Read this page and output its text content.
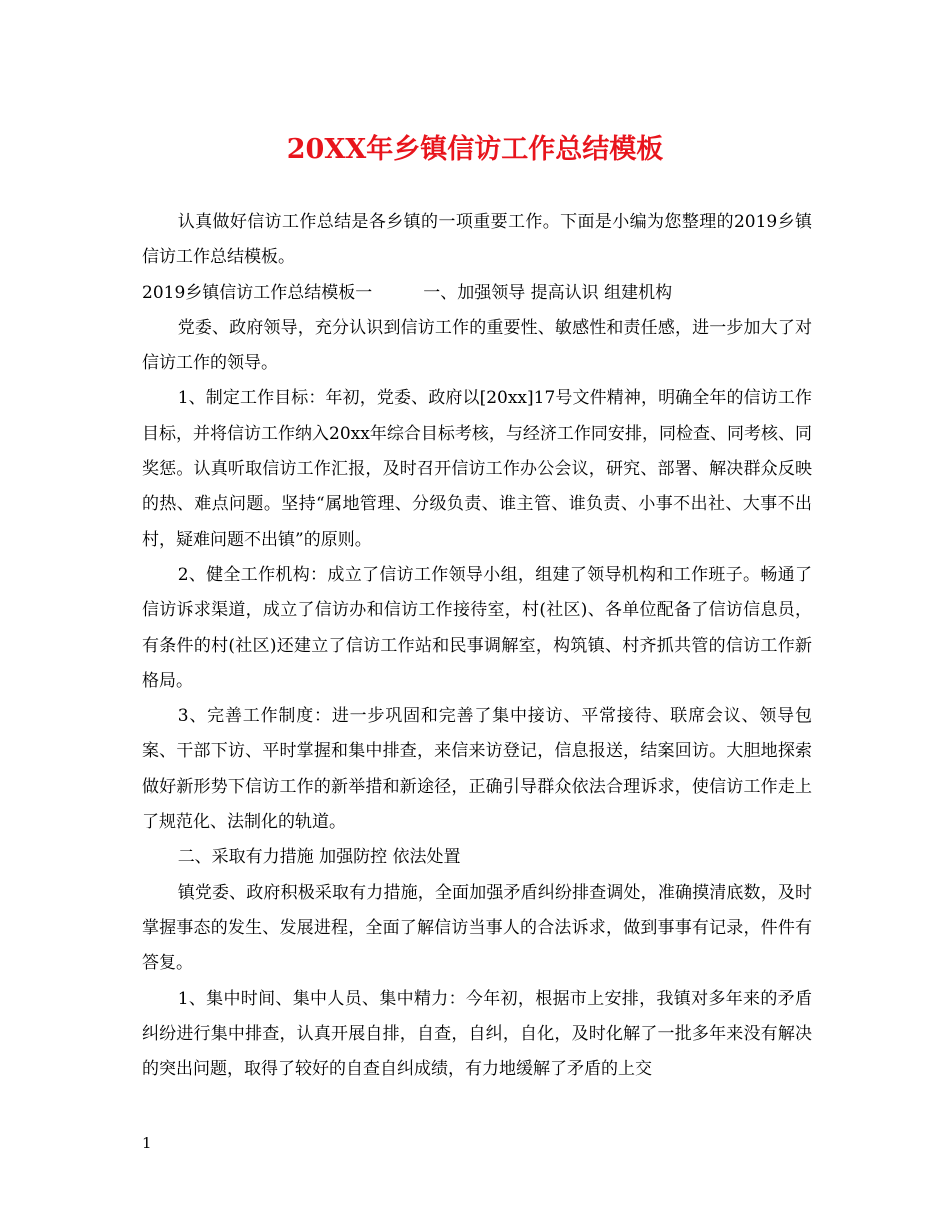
20XX年乡镇信访工作总结模板

认真做好信访工作总结是各乡镇的一项重要工作。下面是小编为您整理的2019乡镇信访工作总结模板。

2019乡镇信访工作总结模板一　　　一、加强领导 提高认识 组建机构

党委、政府领导，充分认识到信访工作的重要性、敏感性和责任感，进一步加大了对信访工作的领导。

1、制定工作目标：年初，党委、政府以[20xx]17号文件精神，明确全年的信访工作目标，并将信访工作纳入20xx年综合目标考核，与经济工作同安排，同检查、同考核、同奖惩。认真听取信访工作汇报，及时召开信访工作办公会议，研究、部署、解决群众反映的热、难点问题。坚持“属地管理、分级负责、谁主管、谁负责、小事不出社、大事不出村，疑难问题不出镇”的原则。

2、健全工作机构：成立了信访工作领导小组，组建了领导机构和工作班子。畅通了信访诉求渠道，成立了信访办和信访工作接待室，村(社区)、各单位配备了信访信息员，有条件的村(社区)还建立了信访工作站和民事调解室，构筑镇、村齐抓共管的信访工作新格局。

3、完善工作制度：进一步巩固和完善了集中接访、平常接待、联席会议、领导包案、干部下访、平时掌握和集中排查，来信来访登记，信息报送，结案回访。大胆地探索做好新形势下信访工作的新举措和新途径，正确引导群众依法合理诉求，使信访工作走上了规范化、法制化的轨道。

二、采取有力措施 加强防控 依法处置

镇党委、政府积极采取有力措施，全面加强矛盾纠纷排查调处，准确摸清底数，及时掌握事态的发生、发展进程，全面了解信访当事人的合法诉求，做到事事有记录，件件有答复。

1、集中时间、集中人员、集中精力：今年初，根据市上安排，我镇对多年来的矛盾纠纷进行集中排查，认真开展自排，自查，自纠，自化，及时化解了一批多年来没有解决的突出问题，取得了较好的自查自纠成绩，有力地缓解了矛盾的上交

1
